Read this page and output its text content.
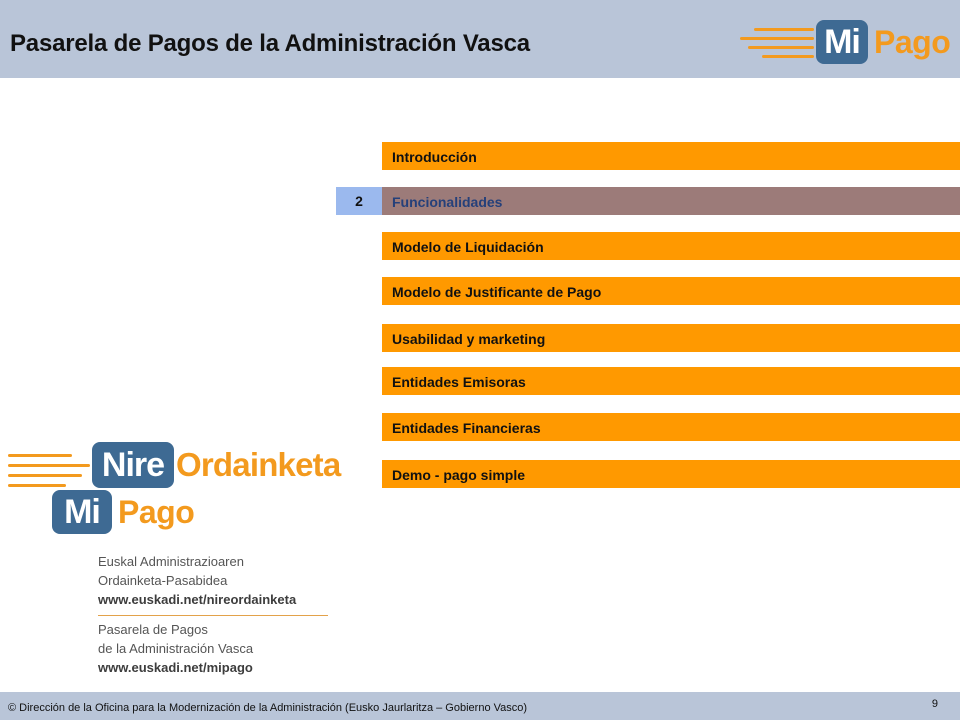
Pasarela de Pagos de la Administración Vasca	Mi Pago
Introducción
2	Funcionalidades
Modelo de Liquidación
Modelo de Justificante de Pago
Usabilidad y marketing
Entidades Emisoras
Entidades Financieras
Demo - pago simple
Nire Ordainketa
Mi Pago
Euskal Administrazioaren
Ordainketa-Pasabidea
www.euskadi.net/nireordainketa
Pasarela de Pagos
de la Administración Vasca
www.euskadi.net/mipago
© Dirección de la Oficina para la Modernización de la Administración (Eusko Jaurlaritza – Gobierno Vasco)	9
